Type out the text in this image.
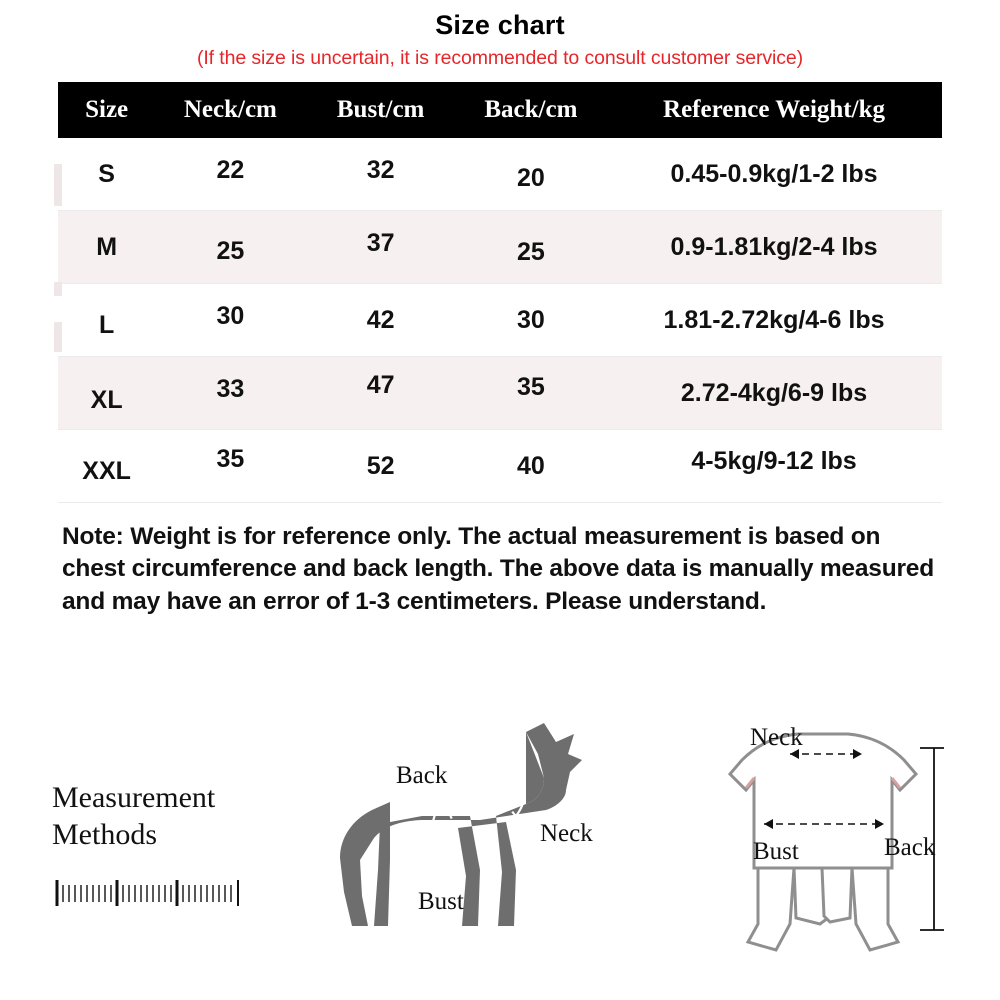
Size chart
(If the size is uncertain, it is recommended to consult customer service)
Size	Neck/cm	Bust/cm	Back/cm	Reference Weight/kg
S	22	32	20	0.45-0.9kg/1-2 lbs
M	25	37	25	0.9-1.81kg/2-4 lbs
L	30	42	30	1.81-2.72kg/4-6 lbs
XL	33	47	35	2.72-4kg/6-9 lbs
XXL	35	52	40	4-5kg/9-12 lbs
Note: Weight is for reference only. The actual measurement is based on chest circumference and back length. The above data is manually measured and may have an error of 1-3 centimeters. Please understand.
Measurement
Methods
Back
Neck
Bust
Neck
Bust	Back
